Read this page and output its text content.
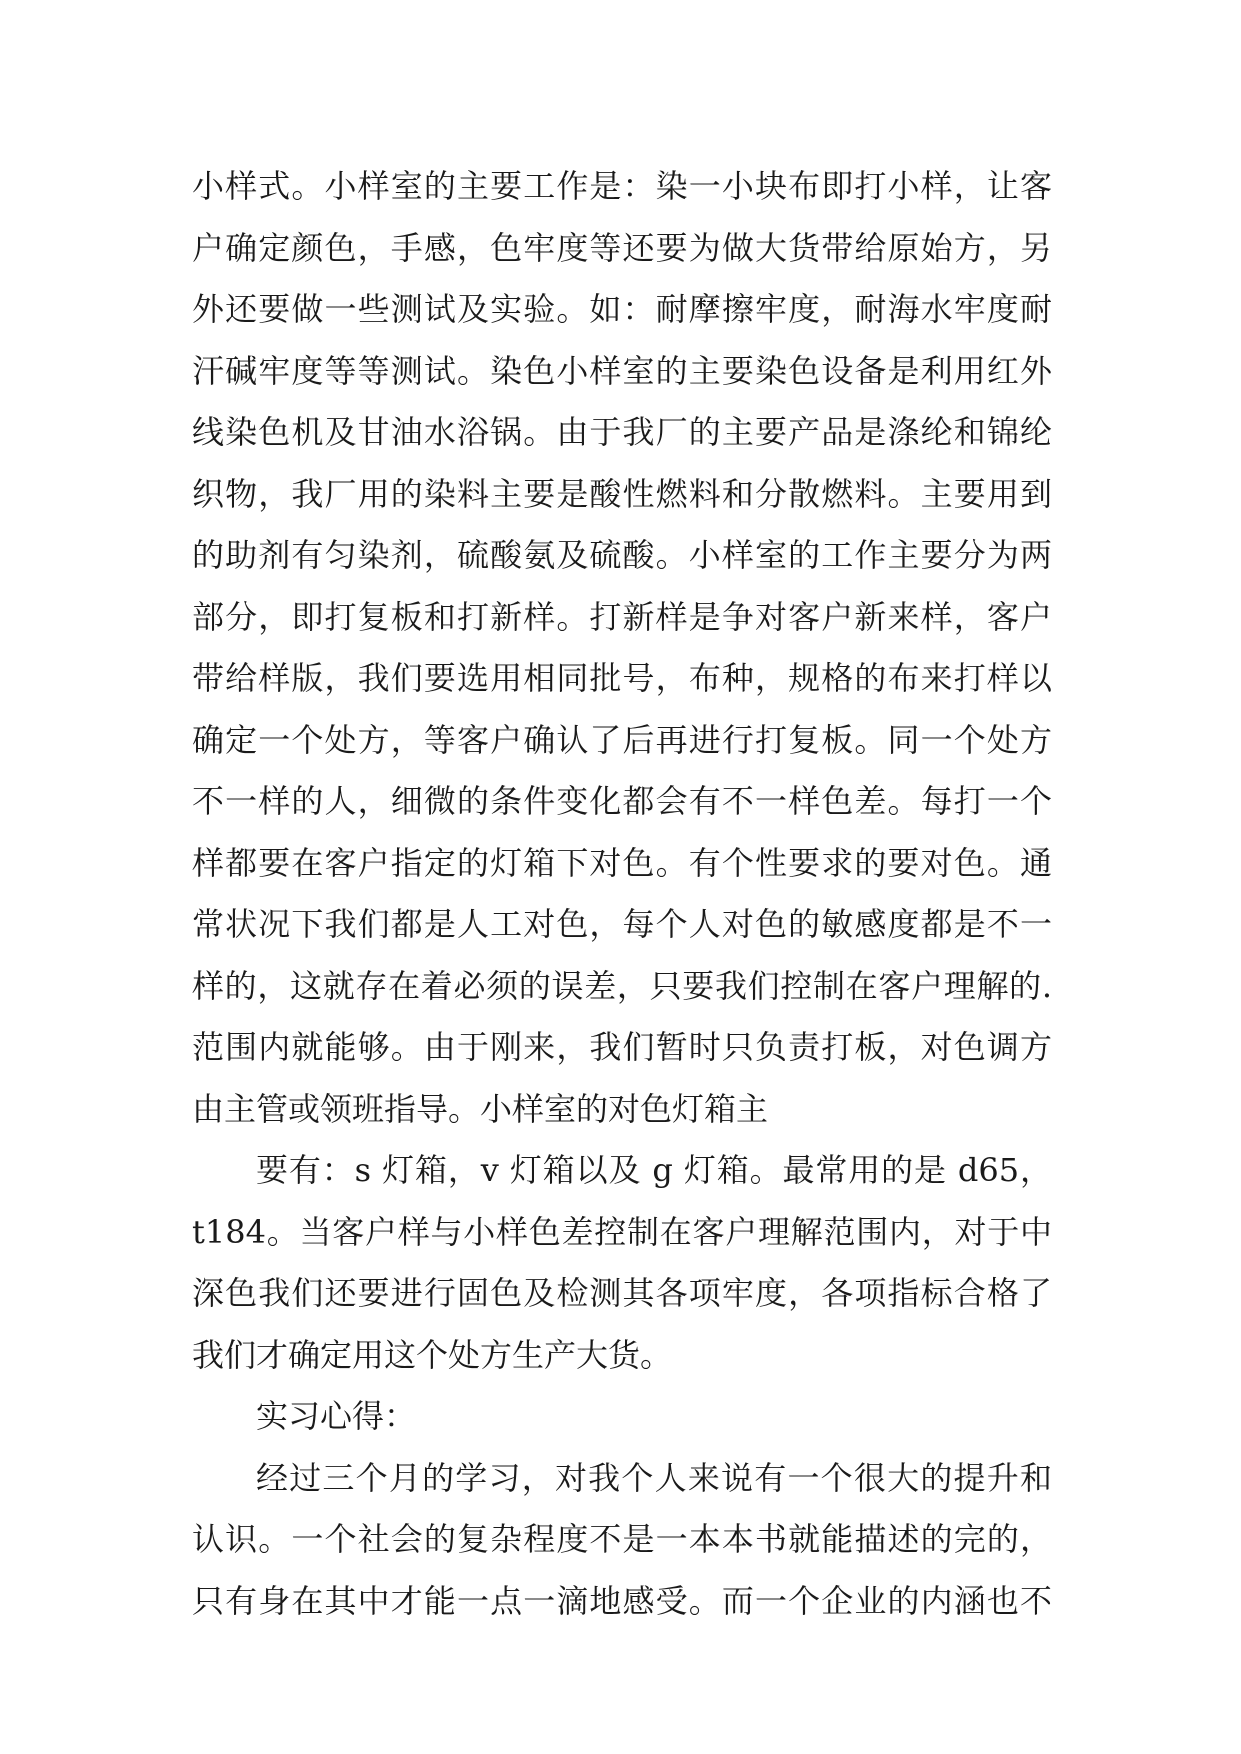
小样式。小样室的主要工作是：染一小块布即打小样，让客
户确定颜色，手感，色牢度等还要为做大货带给原始方，另
外还要做一些测试及实验。如：耐摩擦牢度，耐海水牢度耐
汗碱牢度等等测试。染色小样室的主要染色设备是利用红外
线染色机及甘油水浴锅。由于我厂的主要产品是涤纶和锦纶
织物，我厂用的染料主要是酸性燃料和分散燃料。主要用到
的助剂有匀染剂，硫酸氨及硫酸。小样室的工作主要分为两
部分，即打复板和打新样。打新样是争对客户新来样，客户
带给样版，我们要选用相同批号，布种，规格的布来打样以
确定一个处方，等客户确认了后再进行打复板。同一个处方
不一样的人，细微的条件变化都会有不一样色差。每打一个
样都要在客户指定的灯箱下对色。有个性要求的要对色。通
常状况下我们都是人工对色，每个人对色的敏感度都是不一
样的，这就存在着必须的误差，只要我们控制在客户理解的.
范围内就能够。由于刚来，我们暂时只负责打板，对色调方
由主管或领班指导。小样室的对色灯箱主
要有：s 灯箱，v 灯箱以及 g 灯箱。最常用的是 d65，
t184。当客户样与小样色差控制在客户理解范围内，对于中
深色我们还要进行固色及检测其各项牢度，各项指标合格了
我们才确定用这个处方生产大货。
实习心得：
经过三个月的学习，对我个人来说有一个很大的提升和
认识。一个社会的复杂程度不是一本本书就能描述的完的，
只有身在其中才能一点一滴地感受。而一个企业的内涵也不
